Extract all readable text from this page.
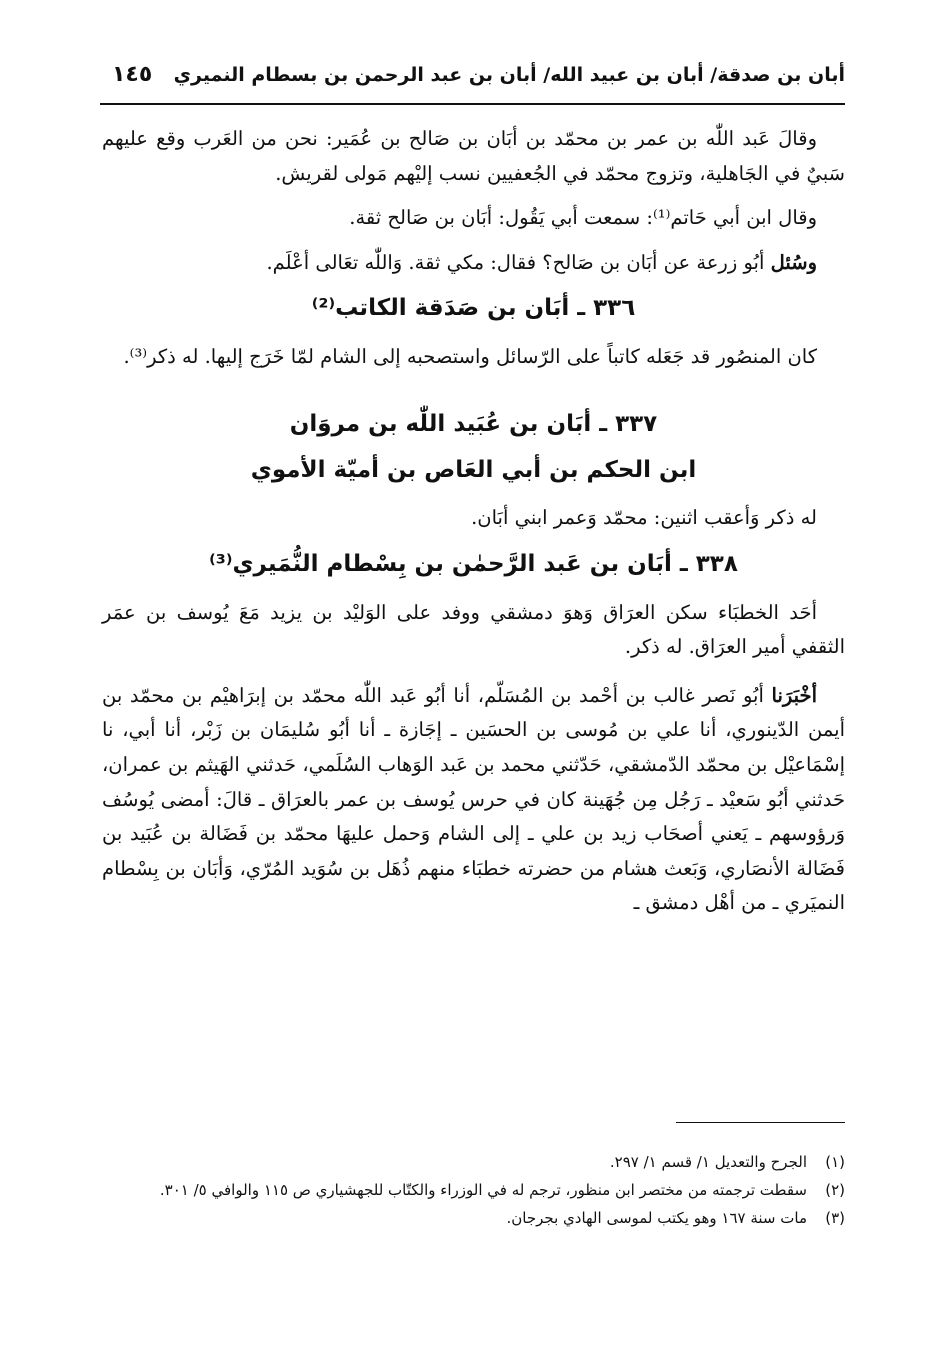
أبان بن صدقة/ أبان بن عبيد الله/ أبان بن عبد الرحمن بن بسطام النميري
١٤٥

وقالَ عَبد اللّٰه بن عمر بن محمّد بن أبَان بن صَالح بن عُمَير: نحن من العَرب وقع عليهم سَبيٌ في الجَاهلية، وتزوج محمّد في الجُعفيين نسب إليْهم مَولى لقريش.

وقال ابن أبي حَاتم⁽¹⁾: سمعت أبي يَقُول: أبَان بن صَالح ثقة.

وسُئل أبُو زرعة عن أبَان بن صَالح؟ فقال: مكي ثقة. وَاللّٰه تعَالى أعْلَم.

٣٣٦ ـ أبَان بن صَدَقة الكاتب⁽²⁾

كان المنصُور قد جَعَله كاتباً على الرّسائل واستصحبه إلى الشام لمّا خَرَج إليها. له ذكر⁽³⁾.

٣٣٧ ـ أبَان بن عُبَيد اللّٰه بن مروَان
ابن الحكم بن أبي العَاص بن أميّة الأموي

له ذكر وَأعقب اثنين: محمّد وَعمر ابني أبَان.

٣٣٨ ـ أبَان بن عَبد الرَّحمٰن بن بِسْطام النُّمَيري⁽³⁾

أحَد الخطبَاء سكن العرَاق وَهوَ دمشقي ووفد على الوَليْد بن يزيد مَعَ يُوسف بن عمَر الثقفي أمير العرَاق. له ذكر.

أخْبَرَنا أبُو نَصر غالب بن أحْمد بن المُسَلّم، أنا أبُو عَبد اللّٰه محمّد بن إبرَاهيْم بن محمّد بن أيمن الدّينوري، أنا علي بن مُوسى بن الحسَين ـ إجَازة ـ أنا أبُو سُليمَان بن زَبْر، أنا أبي، نا إسْمَاعيْل بن محمّد الدّمشقي، حَدّثني محمد بن عَبد الوَهاب السُلَمي، حَدثني الهَيثم بن عمران، حَدثني أبُو سَعيْد ـ رَجُل مِن جُهَينة كان في حرس يُوسف بن عمر بالعرَاق ـ قالَ: أمضى يُوسُف وَرؤوسهم ـ يَعني أصحَاب زيد بن علي ـ إلى الشام وَحمل عليهَا محمّد بن فَضَالة بن عُبَيد بن فَضَالة الأنصَاري، وَبَعث هشام من حضرته خطبَاء منهم ذُهَل بن سُوَيد المُرّي، وَأبَان بن بِسْطام النميَري ـ من أهْل دمشق ـ

(١)
الجرح والتعديل ١/ قسم ١/ ٢٩٧.
(٢)
سقطت ترجمته من مختصر ابن منظور، ترجم له في الوزراء والكتّاب للجهشياري ص ١١٥ والوافي ٥/ ٣٠١.
(٣)
مات سنة ١٦٧ وهو يكتب لموسى الهادي بجرجان.
